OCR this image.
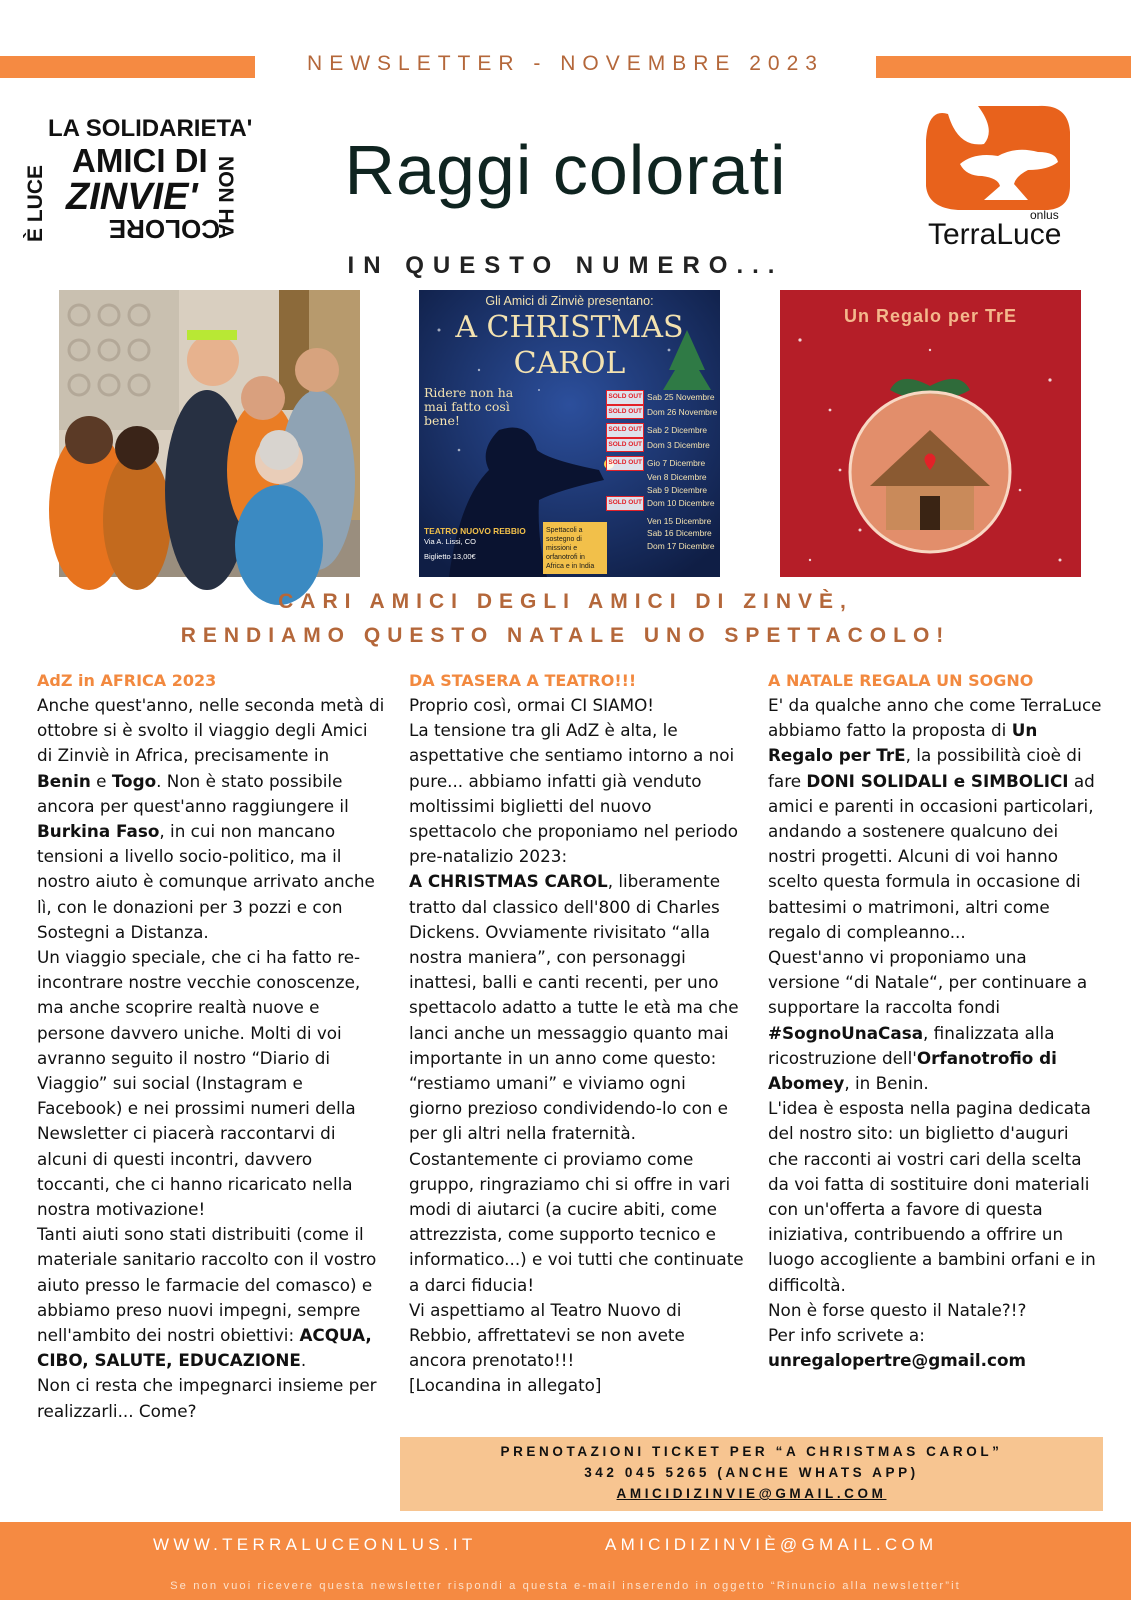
NEWSLETTER - NOVEMBRE 2023
LA SOLIDARIETA'
AMICI DI
ZINVIE' NON HA
COLORE
È LUCE	Raggi colorati
onlus
TerraLuce
IN QUESTO NUMERO...
Gli Amici di Zinviè presentano:
A CHRISTMAS
CAROL
Ridere non ha mai fatto così bene!
SOLD OUT Sab 25 Novembre
SOLD OUT Dom 26 Novembre
SOLD OUT Sab 2 Dicembre
SOLD OUT Dom 3 Dicembre
SOLD OUT Gio 7 Dicembre
Ven 8 Dicembre
Sab 9 Dicembre
SOLD OUT Dom 10 Dicembre
Ven 15 Dicembre
Sab 16 Dicembre
Dom 17 Dicembre
TEATRO NUOVO REBBIO
Via A. Lissi, CO
Biglietto 13,00€
Spettacoli a sostegno di missioni e orfanotrofi in Africa e in India
Un Regalo per TrE
CARI AMICI DEGLI AMICI DI ZINVÈ,
RENDIAMO QUESTO NATALE UNO SPETTACOLO!
AdZ in AFRICA 2023

Anche quest'anno, nelle seconda metà di ottobre si è svolto il viaggio degli Amici di Zinviè in Africa, precisamente in Benin e Togo. Non è stato possibile ancora per quest'anno raggiungere il Burkina Faso, in cui non mancano tensioni a livello socio-politico, ma il nostro aiuto è comunque arrivato anche lì, con le donazioni per 3 pozzi e con Sostegni a Distanza.

Un viaggio speciale, che ci ha fatto re-incontrare nostre vecchie conoscenze, ma anche scoprire realtà nuove e persone davvero uniche. Molti di voi avranno seguito il nostro “Diario di Viaggio” sui social (Instagram e Facebook) e nei prossimi numeri della Newsletter ci piacerà raccontarvi di alcuni di questi incontri, davvero toccanti, che ci hanno ricaricato nella nostra motivazione!

Tanti aiuti sono stati distribuiti (come il materiale sanitario raccolto con il vostro aiuto presso le farmacie del comasco) e abbiamo preso nuovi impegni, sempre nell'ambito dei nostri obiettivi: ACQUA, CIBO, SALUTE, EDUCAZIONE.

Non ci resta che impegnarci insieme per realizzarli... Come?

DA STASERA A TEATRO!!!

Proprio così, ormai CI SIAMO!

La tensione tra gli AdZ è alta, le aspettative che sentiamo intorno a noi pure... abbiamo infatti già venduto moltissimi biglietti del nuovo spettacolo che proponiamo nel periodo pre-natalizio 2023:

A CHRISTMAS CAROL, liberamente tratto dal classico dell'800 di Charles Dickens. Ovviamente rivisitato “alla nostra maniera”, con personaggi inattesi, balli e canti recenti, per uno spettacolo adatto a tutte le età ma che lanci anche un messaggio quanto mai importante in un anno come questo: “restiamo umani” e viviamo ogni giorno prezioso condividendo-lo con e per gli altri nella fraternità.

Costantemente ci proviamo come gruppo, ringraziamo chi si offre in vari modi di aiutarci (a cucire abiti, come attrezzista, come supporto tecnico e informatico...) e voi tutti che continuate a darci fiducia!

Vi aspettiamo al Teatro Nuovo di Rebbio, affrettatevi se non avete ancora prenotato!!!

[Locandina in allegato]

A NATALE REGALA UN SOGNO

E' da qualche anno che come TerraLuce abbiamo fatto la proposta di Un Regalo per TrE, la possibilità cioè di fare DONI SOLIDALI e SIMBOLICI ad amici e parenti in occasioni particolari, andando a sostenere qualcuno dei nostri progetti. Alcuni di voi hanno scelto questa formula in occasione di battesimi o matrimoni, altri come regalo di compleanno...

Quest'anno vi proponiamo una versione “di Natale“, per continuare a supportare la raccolta fondi #SognoUnaCasa, finalizzata alla ricostruzione dell'Orfanotrofio di Abomey, in Benin.

L'idea è esposta nella pagina dedicata del nostro sito: un biglietto d'auguri che racconti ai vostri cari della scelta da voi fatta di sostituire doni materiali con un'offerta a favore di questa iniziativa, contribuendo a offrire un luogo accogliente a bambini orfani e in difficoltà.

Non è forse questo il Natale?!?

Per info scrivete a:

unregalopertre@gmail.com

PRENOTAZIONI TICKET PER “A CHRISTMAS CAROL”
342 045 5265 (ANCHE WHATS APP)
AMICIDIZINVIE@GMAIL.COM
WWW.TERRALUCEONLUS.IT	AMICIDIZINVIÈ@GMAIL.COM
Se non vuoi ricevere questa newsletter rispondi a questa e-mail inserendo in oggetto “Rinuncio alla newsletter”it
